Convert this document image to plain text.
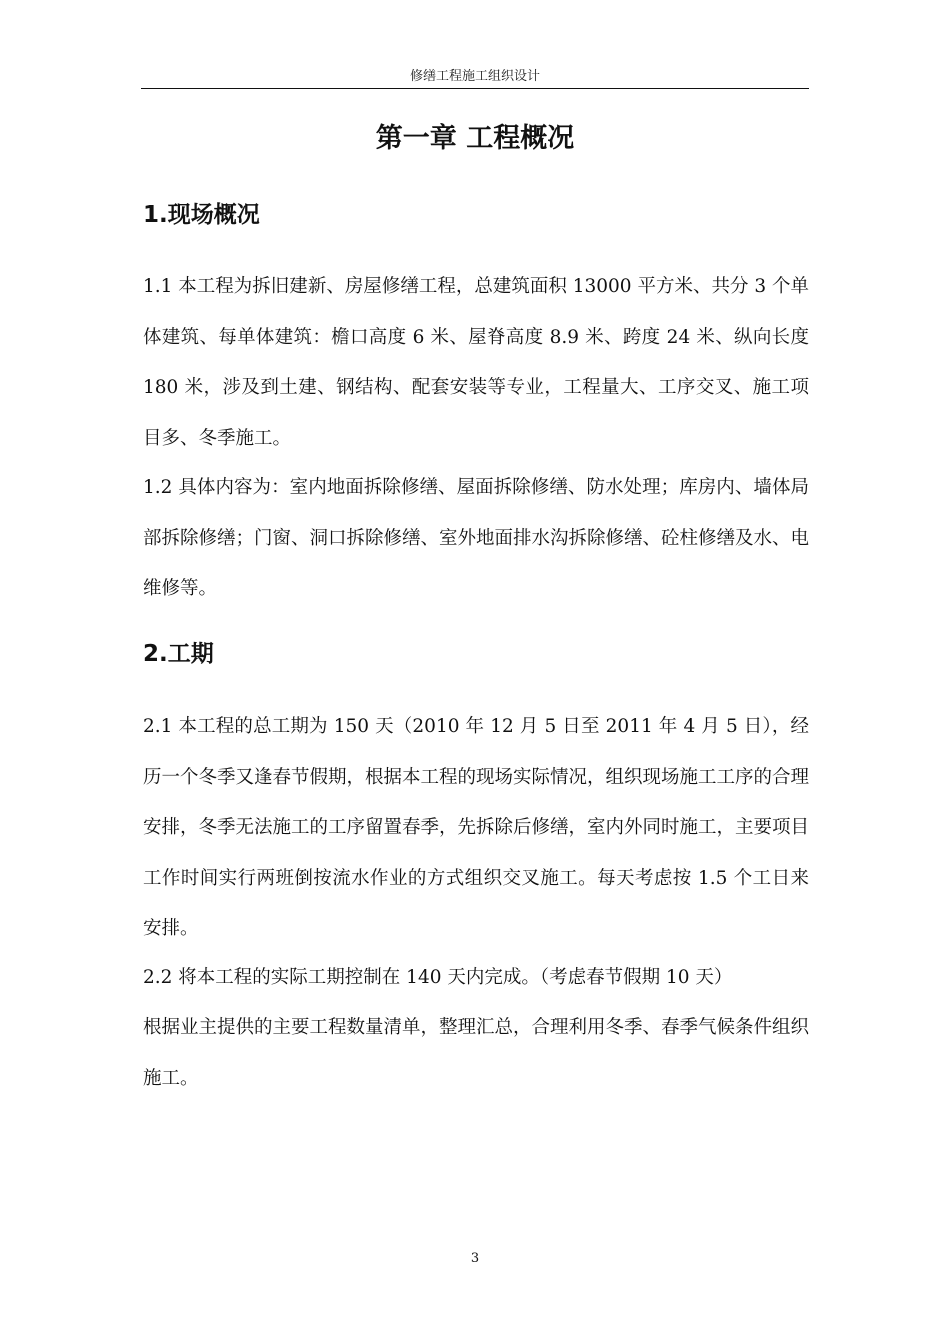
修缮工程施工组织设计
第一章 工程概况
1.现场概况
1.1 本工程为拆旧建新、房屋修缮工程，总建筑面积 13000 平方米、共分 3 个单体建筑、每单体建筑：檐口高度 6 米、屋脊高度 8.9 米、跨度 24 米、纵向长度 180 米，涉及到土建、钢结构、配套安装等专业，工程量大、工序交叉、施工项目多、冬季施工。
1.2 具体内容为：室内地面拆除修缮、屋面拆除修缮、防水处理；库房内、墙体局部拆除修缮；门窗、洞口拆除修缮、室外地面排水沟拆除修缮、砼柱修缮及水、电维修等。
2.工期
2.1 本工程的总工期为 150 天（2010 年 12 月 5 日至 2011 年 4 月 5 日），经历一个冬季又逢春节假期，根据本工程的现场实际情况，组织现场施工工序的合理安排，冬季无法施工的工序留置春季，先拆除后修缮，室内外同时施工，主要项目工作时间实行两班倒按流水作业的方式组织交叉施工。每天考虑按 1.5 个工日来安排。
2.2 将本工程的实际工期控制在 140 天内完成。（考虑春节假期 10 天）
根据业主提供的主要工程数量清单，整理汇总，合理利用冬季、春季气候条件组织施工。
3
